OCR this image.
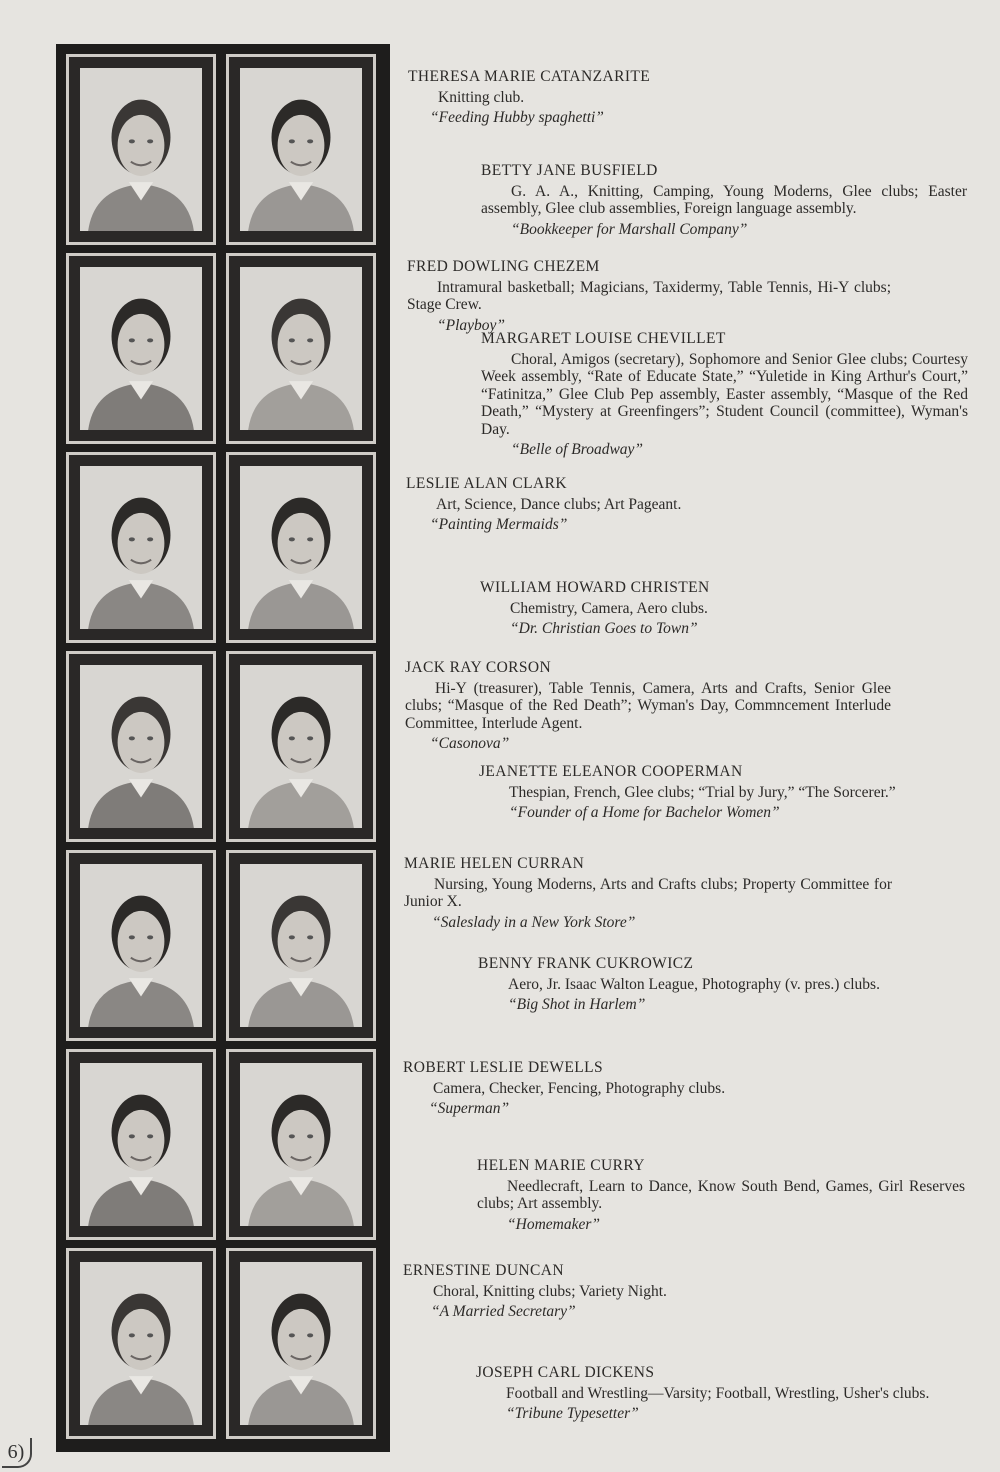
THERESA MARIE CATANZARITE
Knitting club.
“Feeding Hubby spaghetti”
BETTY JANE BUSFIELD
G. A. A., Knitting, Camping, Young Moderns, Glee clubs; Easter assembly, Glee club assemblies, Foreign language assembly.
“Bookkeeper for Marshall Company”
FRED DOWLING CHEZEM
Intramural basketball; Magicians, Taxidermy, Table Tennis, Hi-Y clubs; Stage Crew.
“Playboy”
MARGARET LOUISE CHEVILLET
Choral, Amigos (secretary), Sophomore and Senior Glee clubs; Courtesy Week assembly, “Rate of Educate State,” “Yuletide in King Arthur's Court,” “Fatinitza,” Glee Club Pep assembly, Easter assembly, “Masque of the Red Death,” “Mystery at Greenfingers”; Student Council (committee), Wyman's Day.
“Belle of Broadway”
LESLIE ALAN CLARK
Art, Science, Dance clubs; Art Pageant.
“Painting Mermaids”
WILLIAM HOWARD CHRISTEN
Chemistry, Camera, Aero clubs.
“Dr. Christian Goes to Town”
JACK RAY CORSON
Hi-Y (treasurer), Table Tennis, Camera, Arts and Crafts, Senior Glee clubs; “Masque of the Red Death”; Wyman's Day, Commncement Interlude Committee, Interlude Agent.
“Casonova”
JEANETTE ELEANOR COOPERMAN
Thespian, French, Glee clubs; “Trial by Jury,” “The Sorcerer.”
“Founder of a Home for Bachelor Women”
MARIE HELEN CURRAN
Nursing, Young Moderns, Arts and Crafts clubs; Property Committee for Junior X.
“Saleslady in a New York Store”
BENNY FRANK CUKROWICZ
Aero, Jr. Isaac Walton League, Photography (v. pres.) clubs.
“Big Shot in Harlem”
ROBERT LESLIE DEWELLS
Camera, Checker, Fencing, Photography clubs.
“Superman”
HELEN MARIE CURRY
Needlecraft, Learn to Dance, Know South Bend, Games, Girl Reserves clubs; Art assembly.
“Homemaker”
ERNESTINE DUNCAN
Choral, Knitting clubs; Variety Night.
“A Married Secretary”
JOSEPH CARL DICKENS
Football and Wrestling—Varsity; Football, Wrestling, Usher's clubs.
“Tribune Typesetter”
6)
